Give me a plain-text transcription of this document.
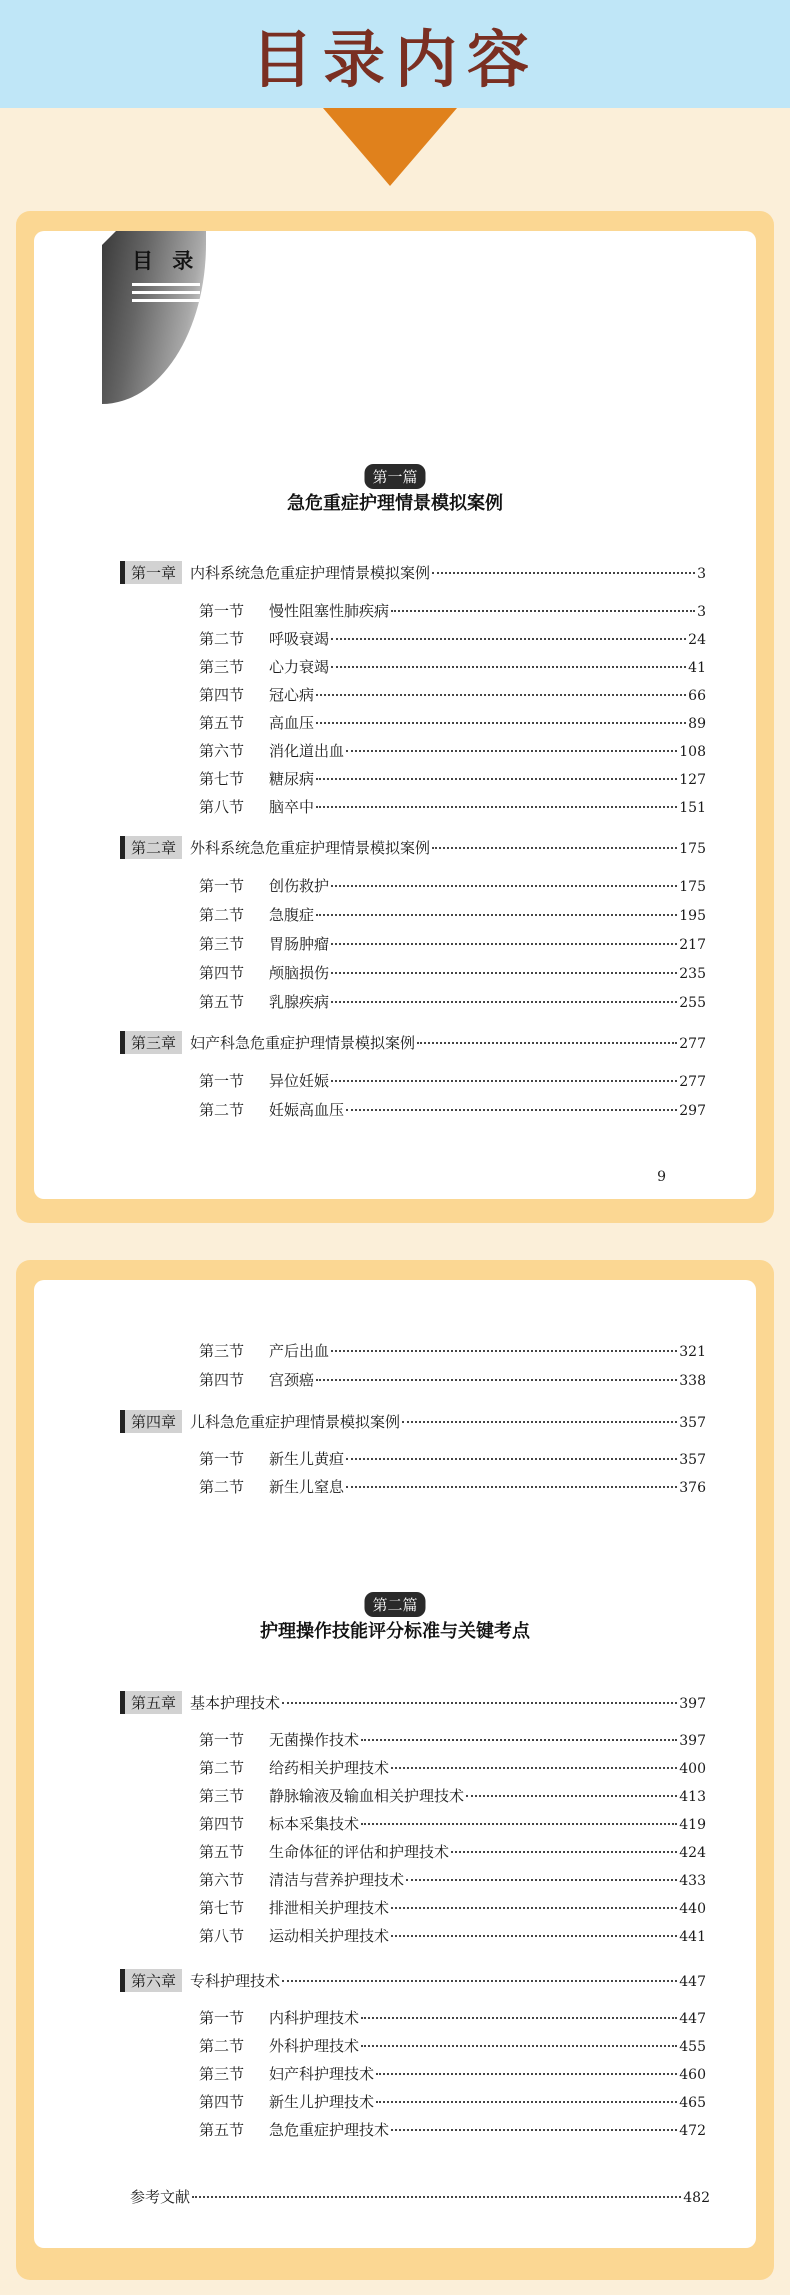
目录内容
目 录
第一篇
急危重症护理情景模拟案例
第一章 内科系统急危重症护理情景模拟案例	3
第一节	慢性阻塞性肺疾病	3
第二节	呼吸衰竭	24
第三节	心力衰竭	41
第四节	冠心病	66
第五节	高血压	89
第六节	消化道出血	108
第七节	糖尿病	127
第八节	脑卒中	151
第二章 外科系统急危重症护理情景模拟案例	175
第一节	创伤救护	175
第二节	急腹症	195
第三节	胃肠肿瘤	217
第四节	颅脑损伤	235
第五节	乳腺疾病	255
第三章 妇产科急危重症护理情景模拟案例	277
第一节	异位妊娠	277
第二节	妊娠高血压	297
9
第三节	产后出血	321
第四节	宫颈癌	338
第四章 儿科急危重症护理情景模拟案例	357
第一节	新生儿黄疸	357
第二节	新生儿窒息	376
第二篇
护理操作技能评分标准与关键考点
第五章 基本护理技术	397
第一节	无菌操作技术	397
第二节	给药相关护理技术	400
第三节	静脉输液及输血相关护理技术	413
第四节	标本采集技术	419
第五节	生命体征的评估和护理技术	424
第六节	清洁与营养护理技术	433
第七节	排泄相关护理技术	440
第八节	运动相关护理技术	441
第六章 专科护理技术	447
第一节	内科护理技术	447
第二节	外科护理技术	455
第三节	妇产科护理技术	460
第四节	新生儿护理技术	465
第五节	急危重症护理技术	472
参考文献	482
